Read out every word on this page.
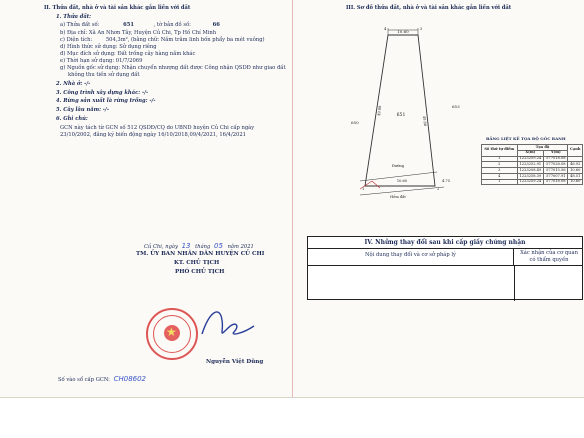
II. Thửa đất, nhà ở và tài sản khác gắn liền với đất
1. Thửa đất:
a) Thửa đất số:	651	, tờ bản đồ số:	66
b) Địa chỉ: Xã An Nhơn Tây, Huyện Củ Chi, Tp Hồ Chí Minh
c) Diện tích:	504,3m², (bằng chữ: Năm trăm linh bốn phẩy ba mét vuông)
d) Hình thức sử dụng: Sử dụng riêng
đ) Mục đích sử dụng: Đất trồng cây hàng năm khác
e) Thời hạn sử dụng: 01/7/2069
g) Nguồn gốc sử dụng: Nhận chuyển nhượng đất được Công nhận QSDĐ như giao đất
không thu tiền sử dụng đất
2. Nhà ở: -/-
3. Công trình xây dựng khác: -/-
4. Rừng sản xuất là rừng trồng: -/-
5. Cây lâu năm: -/-
6. Ghi chú:
GCN này tách từ GCN số 512 QSDĐ/CQ do UBND huyện Củ Chi cấp ngày
23/10/2002, đăng ký biến động ngày 16/10/2018,09/4/2021, 16/4/2021
Củ Chi, ngày 13 tháng 05 năm 2021
TM. ỦY BAN NHÂN DÂN HUYỆN CỦ CHI
KT. CHỦ TỊCH
PHÓ CHỦ TỊCH
★
Nguyễn Việt Dũng
Số vào sổ cấp GCN: CH08602
III. Sơ đồ thửa đất, nhà ở và tài sản khác gắn liền với đất
10.60
4	3
1	2
651
49.88
49.88
650
653
10.60
Đường
4.75
Hẻm đất
BẢNG LIỆT KÊ TỌA ĐỘ GÓC RANH
Số thứ tự điểm	Tọa độ		Cạnh
	X(m)	Y(m)	
1	1223259.24	577018.08	
2	1223252.91	577028.08	46.92
3	1223208.49	577015.56	10.60
4	1223258.39	577007.91	48.51
1	1223259.24	577018.08	10.60
IV. Những thay đổi sau khi cấp giấy chứng nhận
Nội dung thay đổi và cơ sở pháp lý	Xác nhận của cơ quan
có thẩm quyền
